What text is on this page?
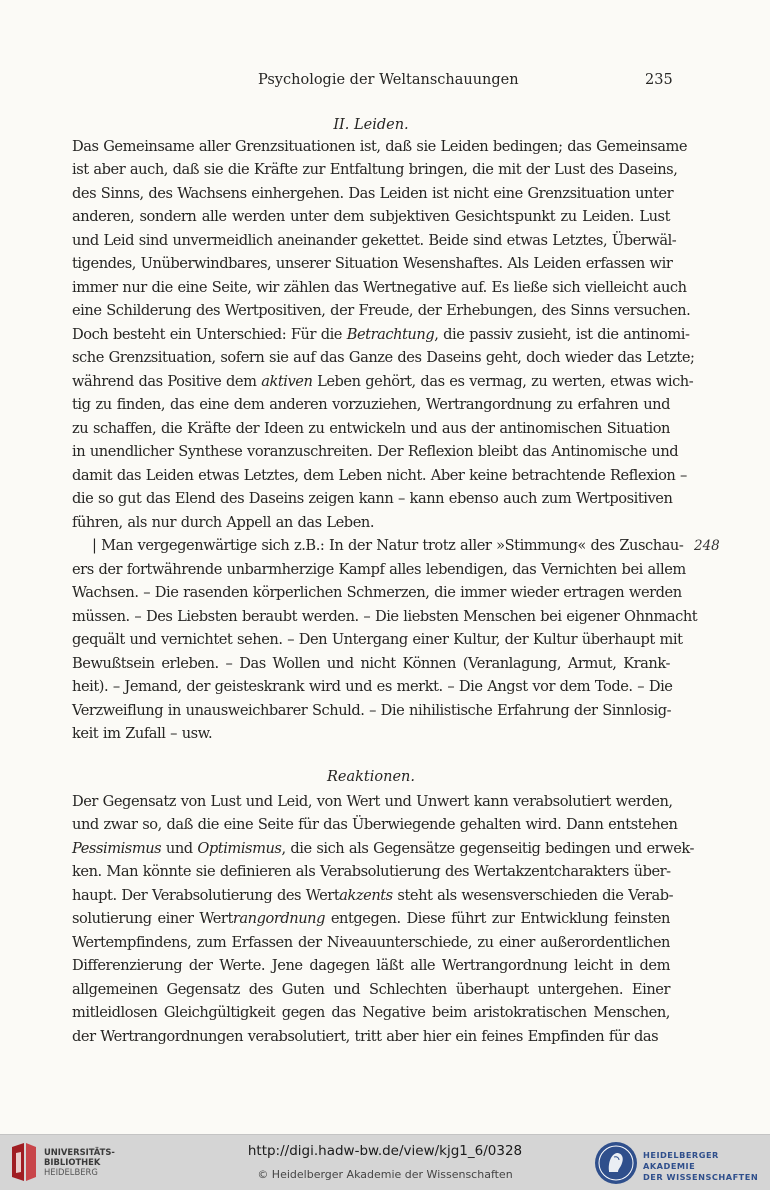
Psychologie der Weltanschauungen	235
II. Leiden.
Das Gemeinsame aller Grenzsituationen ist, daß sie Leiden bedingen; das Gemeinsame
ist aber auch, daß sie die Kräfte zur Entfaltung bringen, die mit der Lust des Daseins,
des Sinns, des Wachsens einhergehen. Das Leiden ist nicht eine Grenzsituation unter
anderen, sondern alle werden unter dem subjektiven Gesichtspunkt zu Leiden. Lust
und Leid sind unvermeidlich aneinander gekettet. Beide sind etwas Letztes, Überwäl-
tigendes, Unüberwindbares, unserer Situation Wesenshaftes. Als Leiden erfassen wir
immer nur die eine Seite, wir zählen das Wertnegative auf. Es ließe sich vielleicht auch
eine Schilderung des Wertpositiven, der Freude, der Erhebungen, des Sinns versuchen.
Doch besteht ein Unterschied: Für die Betrachtung, die passiv zusieht, ist die antinomi-
sche Grenzsituation, sofern sie auf das Ganze des Daseins geht, doch wieder das Letzte;
während das Positive dem aktiven Leben gehört, das es vermag, zu werten, etwas wich-
tig zu finden, das eine dem anderen vorzuziehen, Wertrangordnung zu erfahren und
zu schaffen, die Kräfte der Ideen zu entwickeln und aus der antinomischen Situation
in unendlicher Synthese voranzuschreiten. Der Reflexion bleibt das Antinomische und
damit das Leiden etwas Letztes, dem Leben nicht. Aber keine betrachtende Reflexion –
die so gut das Elend des Daseins zeigen kann – kann ebenso auch zum Wertpositiven
führen, als nur durch Appell an das Leben.
248
| Man vergegenwärtige sich z.B.: In der Natur trotz aller »Stimmung« des Zuschau-
ers der fortwährende unbarmherzige Kampf alles lebendigen, das Vernichten bei allem
Wachsen. – Die rasenden körperlichen Schmerzen, die immer wieder ertragen werden
müssen. – Des Liebsten beraubt werden. – Die liebsten Menschen bei eigener Ohnmacht
gequält und vernichtet sehen. – Den Untergang einer Kultur, der Kultur überhaupt mit
Bewußtsein erleben. – Das Wollen und nicht Können (Veranlagung, Armut, Krank-
heit). – Jemand, der geisteskrank wird und es merkt. – Die Angst vor dem Tode. – Die
Verzweiflung in unausweichbarer Schuld. – Die nihilistische Erfahrung der Sinnlosig-
keit im Zufall – usw.
Reaktionen.
Der Gegensatz von Lust und Leid, von Wert und Unwert kann verabsolutiert werden,
und zwar so, daß die eine Seite für das Überwiegende gehalten wird. Dann entstehen
Pessimismus und Optimismus, die sich als Gegensätze gegenseitig bedingen und erwek-
ken. Man könnte sie definieren als Verabsolutierung des Wertakzentcharakters über-
haupt. Der Verabsolutierung des Wertakzents steht als wesensverschieden die Verab-
solutierung einer Wertrangordnung entgegen. Diese führt zur Entwicklung feinsten
Wertempfindens, zum Erfassen der Niveauunterschiede, zu einer außerordentlichen
Differenzierung der Werte. Jene dagegen läßt alle Wertrangordnung leicht in dem
allgemeinen Gegensatz des Guten und Schlechten überhaupt untergehen. Einer
mitleidlosen Gleichgültigkeit gegen das Negative beim aristokratischen Menschen,
der Wertrangordnungen verabsolutiert, tritt aber hier ein feines Empfinden für das
UNIVERSITÄTS-
BIBLIOTHEK
HEIDELBERG
http://digi.hadw-bw.de/view/kjg1_6/0328
© Heidelberger Akademie der Wissenschaften
HEIDELBERGER AKADEMIE
DER WISSENSCHAFTEN
